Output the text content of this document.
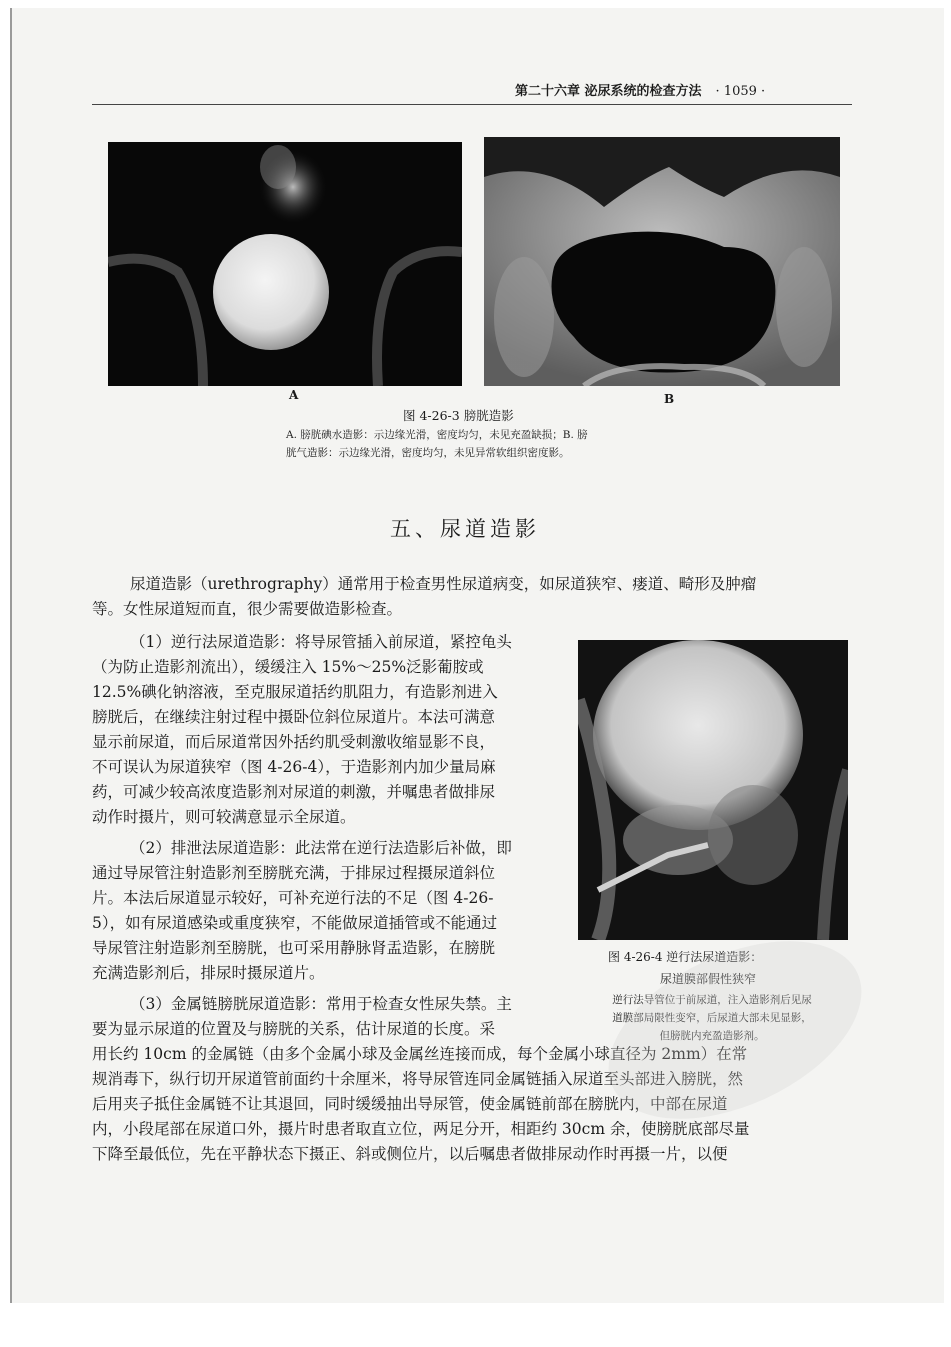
第二十六章 泌尿系统的检查方法 · 1059 ·
A	B
图 4-26-3 膀胱造影
A. 膀胱碘水造影：示边缘光滑，密度均匀，未见充盈缺损；B. 膀
胱气造影：示边缘光滑，密度均匀，未见异常软组织密度影。
五、尿道造影
尿道造影（urethrography）通常用于检查男性尿道病变，如尿道狭窄、瘘道、畸形及肿瘤
等。女性尿道短而直，很少需要做造影检查。
（1）逆行法尿道造影：将导尿管插入前尿道，紧控龟头
（为防止造影剂流出），缓缓注入 15%～25%泛影葡胺或
12.5%碘化钠溶液，至克服尿道括约肌阻力，有造影剂进入
膀胱后，在继续注射过程中摄卧位斜位尿道片。本法可满意
显示前尿道，而后尿道常因外括约肌受刺激收缩显影不良，
不可误认为尿道狭窄（图 4-26-4），于造影剂内加少量局麻
药，可减少较高浓度造影剂对尿道的刺激，并嘱患者做排尿
动作时摄片，则可较满意显示全尿道。
（2）排泄法尿道造影：此法常在逆行法造影后补做，即
通过导尿管注射造影剂至膀胱充满，于排尿过程摄尿道斜位
片。本法后尿道显示较好，可补充逆行法的不足（图 4-26-
5），如有尿道感染或重度狭窄，不能做尿道插管或不能通过
导尿管注射造影剂至膀胱，也可采用静脉肾盂造影，在膀胱
充满造影剂后，排尿时摄尿道片。
（3）金属链膀胱尿道造影：常用于检查女性尿失禁。主
要为显示尿道的位置及与膀胱的关系，估计尿道的长度。采
用长约 10cm 的金属链（由多个金属小球及金属丝连接而成，每个金属小球直径为 2mm）在常
规消毒下，纵行切开尿道管前面约十余厘米，将导尿管连同金属链插入尿道至头部进入膀胱，然
后用夹子抵住金属链不让其退回，同时缓缓抽出导尿管，使金属链前部在膀胱内，中部在尿道
内，小段尾部在尿道口外，摄片时患者取直立位，两足分开，相距约 30cm 余，使膀胱底部尽量
下降至最低位，先在平静状态下摄正、斜或侧位片，以后嘱患者做排尿动作时再摄一片，以便
图 4-26-4 逆行法尿道造影：
尿道膜部假性狭窄
逆行法导管位于前尿道，注入造影剂后见尿
道膜部局限性变窄，后尿道大部未见显影，
但膀胱内充盈造影剂。
